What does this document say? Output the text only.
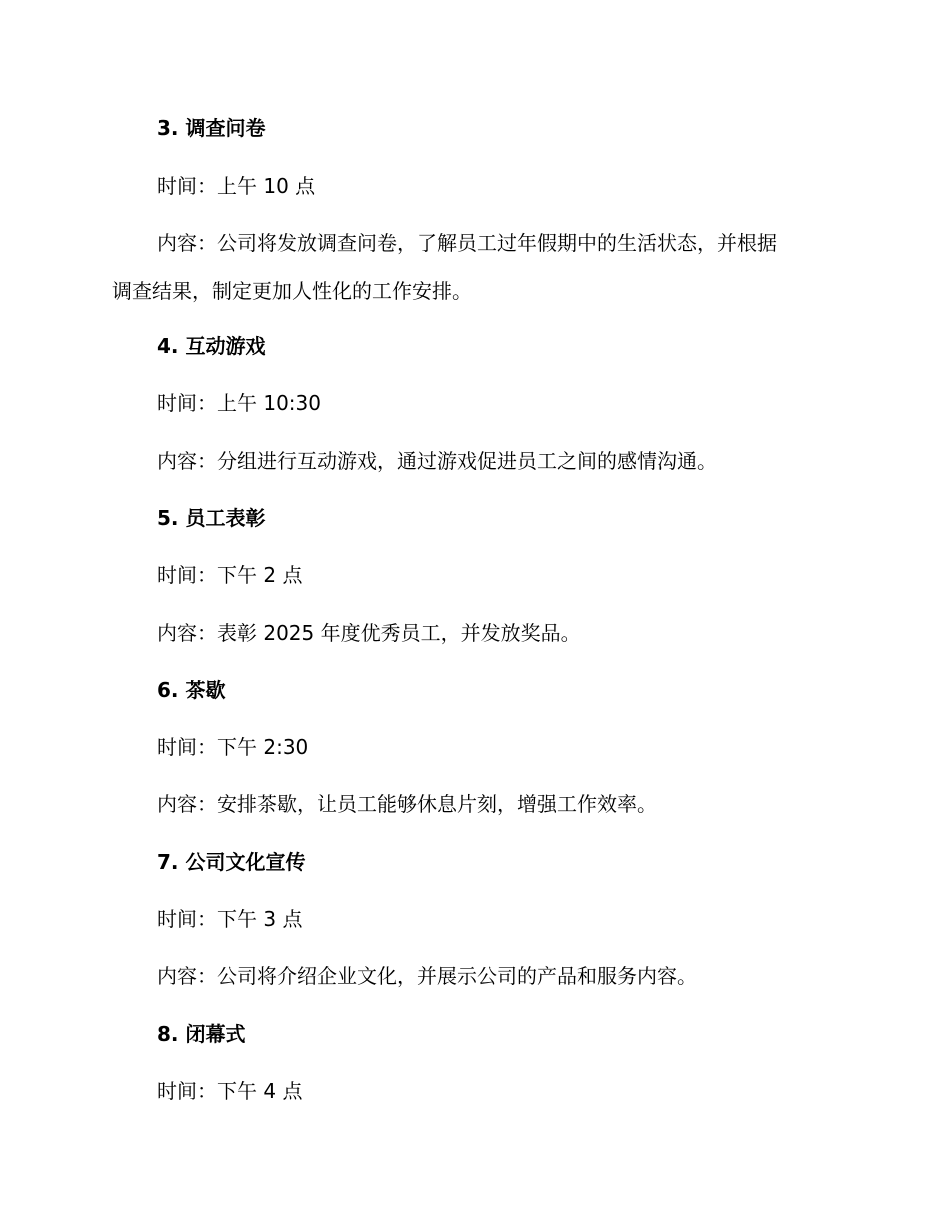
3. 调查问卷
时间：上午 10 点
内容：公司将发放调查问卷，了解员工过年假期中的生活状态，并根据
调查结果，制定更加人性化的工作安排。
4. 互动游戏
时间：上午 10:30
内容：分组进行互动游戏，通过游戏促进员工之间的感情沟通。
5. 员工表彰
时间：下午 2 点
内容：表彰 2025 年度优秀员工，并发放奖品。
6. 茶歇
时间：下午 2:30
内容：安排茶歇，让员工能够休息片刻，增强工作效率。
7. 公司文化宣传
时间：下午 3 点
内容：公司将介绍企业文化，并展示公司的产品和服务内容。
8. 闭幕式
时间：下午 4 点
